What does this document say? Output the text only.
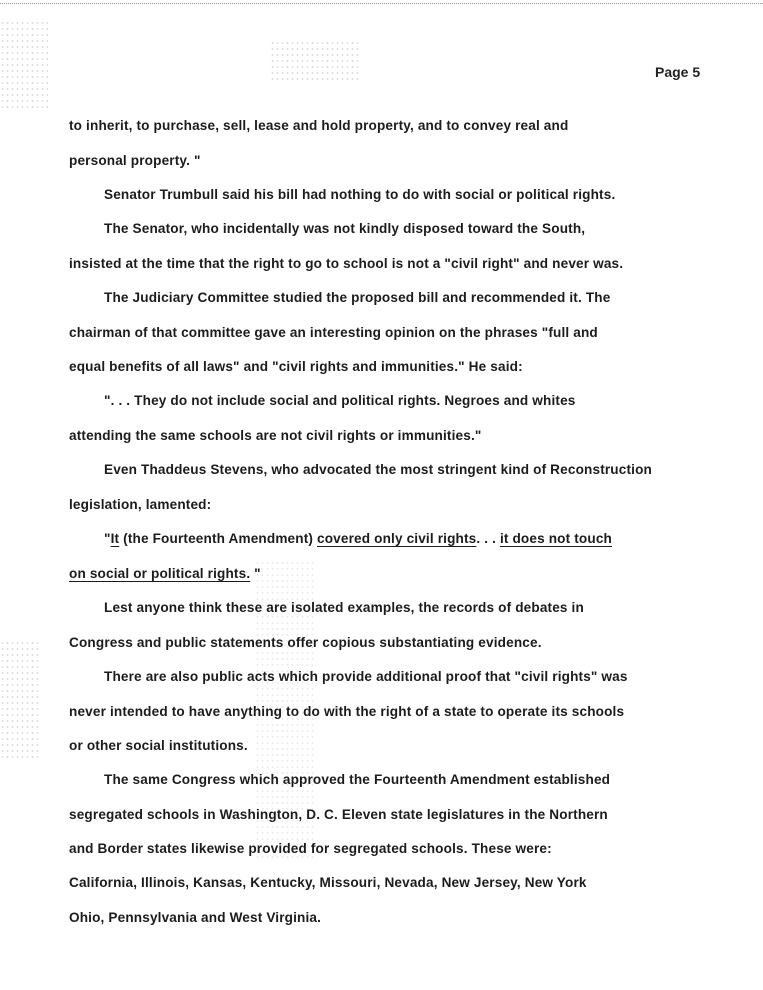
Page 5
to inherit, to purchase, sell, lease and hold property, and to convey real and
personal property. "
Senator Trumbull said his bill had nothing to do with social or political rights.
The Senator, who incidentally was not kindly disposed toward the South,
insisted at the time that the right to go to school is not a "civil right" and never was.
The Judiciary Committee studied the proposed bill and recommended it. The
chairman of that committee gave an interesting opinion on the phrases "full and
equal benefits of all laws" and "civil rights and immunities." He said:
". . . They do not include social and political rights. Negroes and whites
attending the same schools are not civil rights or immunities."
Even Thaddeus Stevens, who advocated the most stringent kind of Reconstruction
legislation, lamented:
"It (the Fourteenth Amendment) covered only civil rights. . . it does not touch
on social or political rights. "
Lest anyone think these are isolated examples, the records of debates in
Congress and public statements offer copious substantiating evidence.
There are also public acts which provide additional proof that "civil rights" was
never intended to have anything to do with the right of a state to operate its schools
or other social institutions.
The same Congress which approved the Fourteenth Amendment established
segregated schools in Washington, D. C. Eleven state legislatures in the Northern
and Border states likewise provided for segregated schools. These were:
California, Illinois, Kansas, Kentucky, Missouri, Nevada, New Jersey, New York
Ohio, Pennsylvania and West Virginia.
